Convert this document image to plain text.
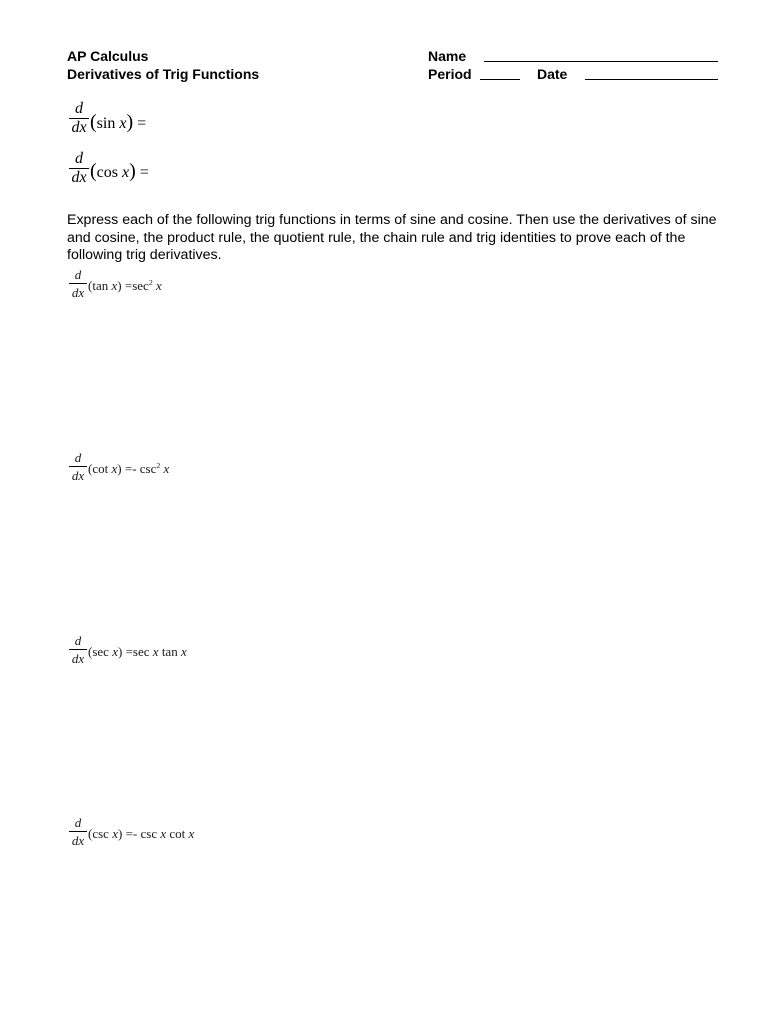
AP Calculus
Derivatives of Trig Functions
Name
Period	Date
d
dx (sin x) =
d
dx (cos x) =
Express each of the following trig functions in terms of sine and cosine. Then use the derivatives of sine and cosine, the product rule, the quotient rule, the chain rule and trig identities to prove each of the following trig derivatives.
d
dx (tan $x) =\sec^2$ x
d
dx (cot $x) =- \csc^2 x$
d
dx (sec x) =sec x tan x
d
dx (csc x) =- csc x cot x
